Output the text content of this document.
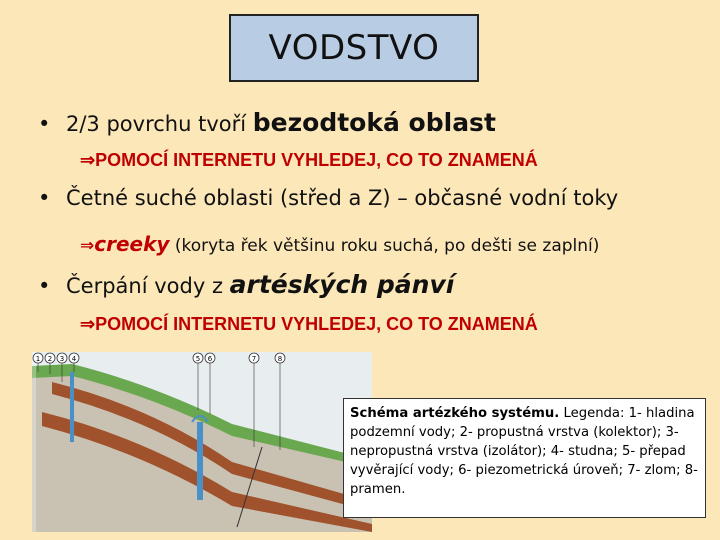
VODSTVO
• 2/3 povrchu tvoří bezodtoká oblast
⇒POMOCÍ INTERNETU VYHLEDEJ, CO TO ZNAMENÁ
• Četné suché oblasti (střed a Z) – občasné vodní toky
⇒creeky (koryta řek většinu roku suchá, po dešti se zaplní)
• Čerpání vody z artéských pánví
⇒POMOCÍ INTERNETU VYHLEDEJ, CO TO ZNAMENÁ
1 2 3 4	5 6	7	8
Schéma artézkého systému. Legenda: 1- hladina podzemní vody; 2- propustná vrstva (kolektor); 3- nepropustná vrstva (izolátor); 4- studna; 5- přepad vyvěrající vody; 6- piezometrická úroveň; 7- zlom; 8- pramen.
